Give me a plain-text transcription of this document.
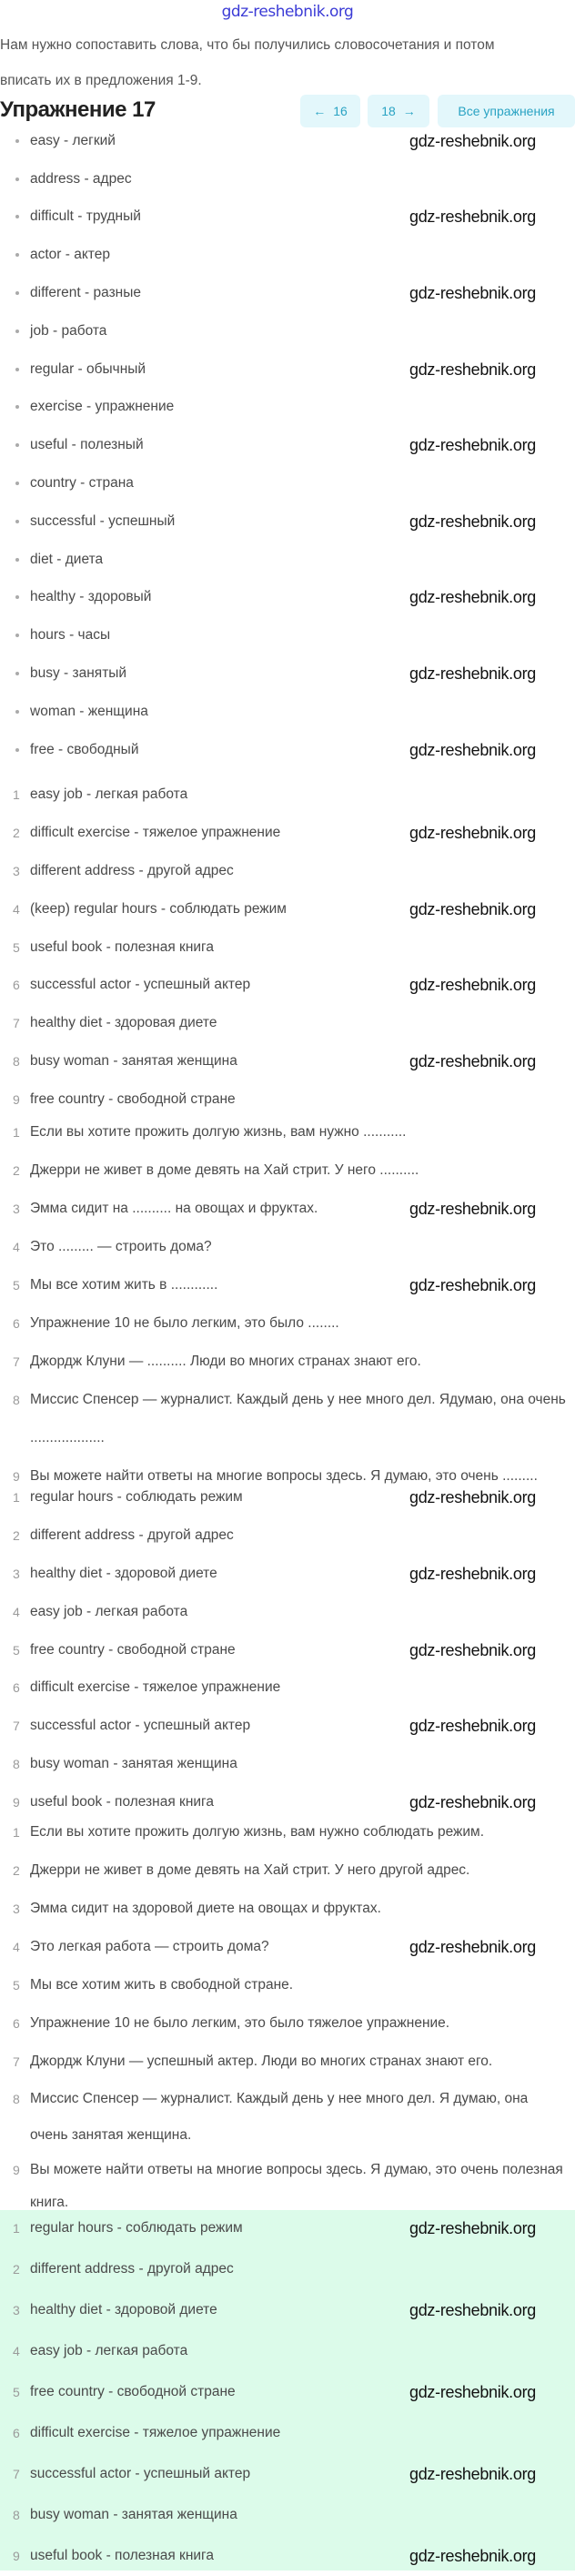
gdz-reshebnik.org
Нам нужно сопоставить слова, что бы получились словосочетания и потом
вписать их в предложения 1-9.
Упражнение 17	← 16	18 →	Все упражнения
easy - легкий
address - адрес
difficult - трудный
actor - актер
different - разные
job - работа
regular - обычный
exercise - упражнение
useful - полезный
country - страна
successful - успешный
diet - диета
healthy - здоровый
hours - часы
busy - занятый
woman - женщина
free - свободный
1 easy job - легкая работа
2 difficult exercise - тяжелое упражнение
3 different address - другой адрес
4 (keep) regular hours - соблюдать режим
5 useful book - полезная книга
6 successful actor - успешный актер
7 healthy diet - здоровая диете
8 busy woman - занятая женщина
9 free country - свободной стране
1 Если вы хотите прожить долгую жизнь, вам нужно ...........
2 Джерри не живет в доме девять на Хай стрит. У него ..........
3 Эмма сидит на .......... на овощах и фруктах.
4 Это ......... — строить дома?
5 Мы все хотим жить в ............
6 Упражнение 10 не было легким, это было ........
7 Джордж Клуни — .......... Люди во многих странах знают его.
8 Миссис Спенсер — журналист. Каждый день у нее много дел. Ядумаю, она очень ...................
9 Вы можете найти ответы на многие вопросы здесь. Я думаю, это очень .........
1 regular hours - соблюдать режим
2 different address - другой адрес
3 healthy diet - здоровой диете
4 easy job - легкая работа
5 free country - свободной стране
6 difficult exercise - тяжелое упражнение
7 successful actor - успешный актер
8 busy woman - занятая женщина
9 useful book - полезная книга
1 Если вы хотите прожить долгую жизнь, вам нужно соблюдать режим.
2 Джерри не живет в доме девять на Хай стрит. У него другой адрес.
3 Эмма сидит на здоровой диете на овощах и фруктах.
4 Это легкая работа — строить дома?
5 Мы все хотим жить в свободной стране.
6 Упражнение 10 не было легким, это было тяжелое упражнение.
7 Джордж Клуни — успешный актер. Люди во многих странах знают его.
8 Миссис Спенсер — журналист. Каждый день у нее много дел. Я думаю, она очень занятая женщина.
9 Вы можете найти ответы на многие вопросы здесь. Я думаю, это очень полезная книга.
1 regular hours - соблюдать режим
2 different address - другой адрес
3 healthy diet - здоровой диете
4 easy job - легкая работа
5 free country - свободной стране
6 difficult exercise - тяжелое упражнение
7 successful actor - успешный актер
8 busy woman - занятая женщина
9 useful book - полезная книга
gdz-reshebnik.org
gdz-reshebnik.org
gdz-reshebnik.org
gdz-reshebnik.org
gdz-reshebnik.org
gdz-reshebnik.org
gdz-reshebnik.org
gdz-reshebnik.org
gdz-reshebnik.org
gdz-reshebnik.org
gdz-reshebnik.org
gdz-reshebnik.org
gdz-reshebnik.org
gdz-reshebnik.org
gdz-reshebnik.org
gdz-reshebnik.org
gdz-reshebnik.org
gdz-reshebnik.org
gdz-reshebnik.org
gdz-reshebnik.org
gdz-reshebnik.org
gdz-reshebnik.org
gdz-reshebnik.org
gdz-reshebnik.org
gdz-reshebnik.org
gdz-reshebnik.org
